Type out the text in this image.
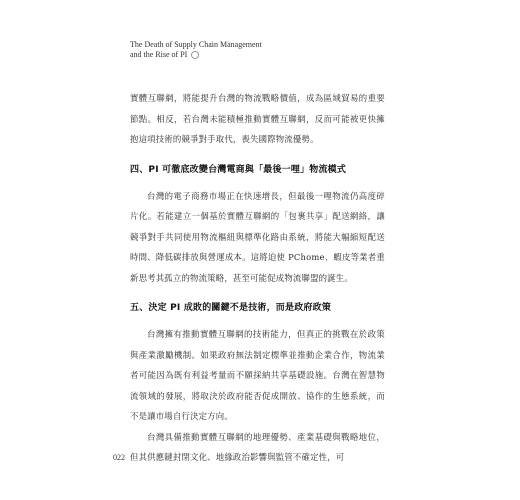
The Death of Supply Chain Management
and the Rise of PI

實體互聯網，將能提升台灣的物流戰略價值，成為區域貿易的重要節點。相反，若台灣未能積極推動實體互聯網，反而可能被更快擁抱這項技術的競爭對手取代，喪失國際物流優勢。

四、PI 可徹底改變台灣電商與「最後一哩」物流模式

台灣的電子商務市場正在快速增長，但最後一哩物流仍高度碎片化。若能建立一個基於實體互聯網的「包裹共享」配送網絡，讓競爭對手共同使用物流樞紐與標準化路由系統，將能大幅縮短配送時間、降低碳排放與營運成本。這將迫使 PChome、蝦皮等業者重新思考其孤立的物流策略，甚至可能促成物流聯盟的誕生。

五、決定 PI 成敗的關鍵不是技術，而是政府政策

台灣擁有推動實體互聯網的技術能力，但真正的挑戰在於政策與產業激勵機制。如果政府無法制定標準並推動企業合作，物流業者可能因為既有利益考量而不願採納共享基礎設施。台灣在智慧物流領域的發展，將取決於政府能否促成開放、協作的生態系統，而不是讓市場自行決定方向。

台灣具備推動實體互聯網的地理優勢、產業基礎與戰略地位，但其供應鏈封閉文化、地緣政治影響與監管不確定性，可

022
